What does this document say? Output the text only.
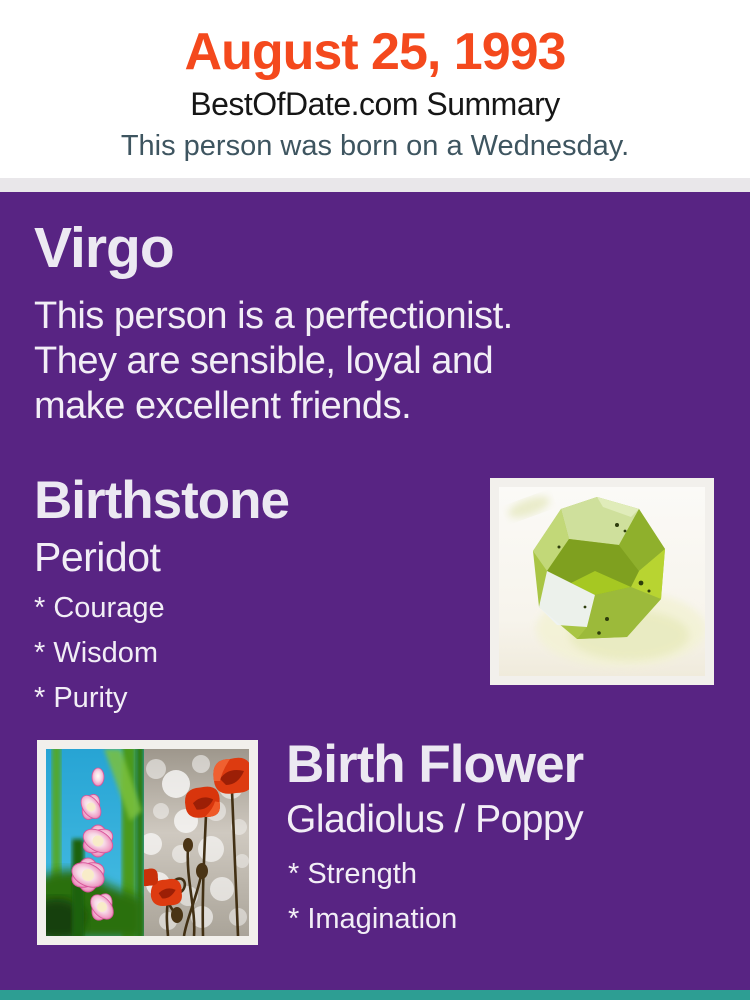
August 25, 1993
BestOfDate.com Summary
This person was born on a Wednesday.
Virgo
This person is a perfectionist.
They are sensible, loyal and
make excellent friends.
Birthstone
Peridot
* Courage
* Wisdom
* Purity
Birth Flower
Gladiolus / Poppy
* Strength
* Imagination
